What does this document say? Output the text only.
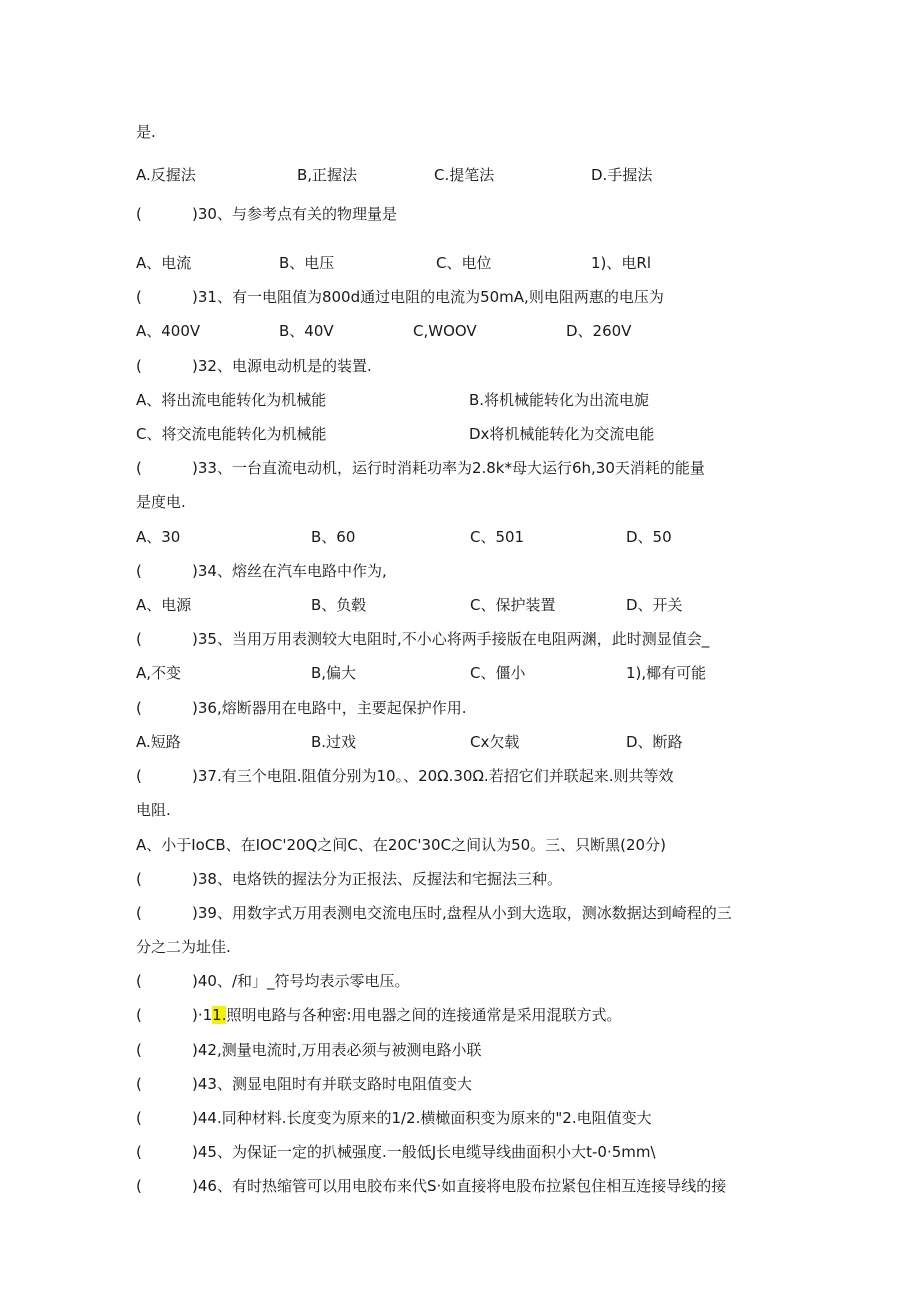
是.
A.反握法	B,正握法	C.提笔法	D.手握法
(	)30、与参考点有关的物理量是
A、电流	B、电压	C、电位	1)、电Rl
(	)31、有一电阻值为800d通过电阻的电流为50mA,则电阻两惠的电压为
A、400V	B、40V	C,WOOV	D、260V
(	)32、电源电动机是的装置.
A、将出流电能转化为机械能	B.将机械能转化为出流电旎
C、将交流电能转化为机械能	Dx将机械能转化为交流电能
(	)33、一台直流电动机，运行时消耗功率为2.8k*母大运行6h,30天消耗的能量
是度电.
A、30	B、60	C、501	D、50
(	)34、熔丝在汽车电路中作为,
A、电源	B、负毂	C、保护装置	D、开关
(	)35、当用万用表测较大电阻时,不小心将两手接版在电阻两渊，此时测显值会_
A,不变	B,偏大	C、僵小	1),椰有可能
(	)36,熔断器用在电路中，主要起保护作用.
A.短路	B.过戏	Cx欠载	D、断路
(	)37.有三个电阻.阻值分别为10。、20Ω.30Ω.若招它们并联起来.则共等效
电阻.
A、小于IoCB、在IOC'20Q之间C、在20C'30C之间认为50。三、只断黑(20分)
(	)38、电烙铁的握法分为正报法、反握法和宅掘法三种。
(	)39、用数字式万用表测电交流电压时,盘程从小到大选取，测冰数据达到崎程的三
分之二为址佳.
(	)40、/和」_符号均表示零电压。
(	)·11.照明电路与各种密:用电器之间的连接通常是采用混联方式。
(	)42,测量电流时,万用表必须与被测电路小联
(	)43、测显电阻时有并联支路时电阻值变大
(	)44.同种材料.长度变为原来的1/2.横橄面积变为原来的"2.电阻值变大
(	)45、为保证一定的扒械强度.一般低J长电缆导线曲面积小大t-0·5mm\
(	)46、有时热缩管可以用电胶布来代S·如直接将电股布拉紧包住相互连接导线的接
